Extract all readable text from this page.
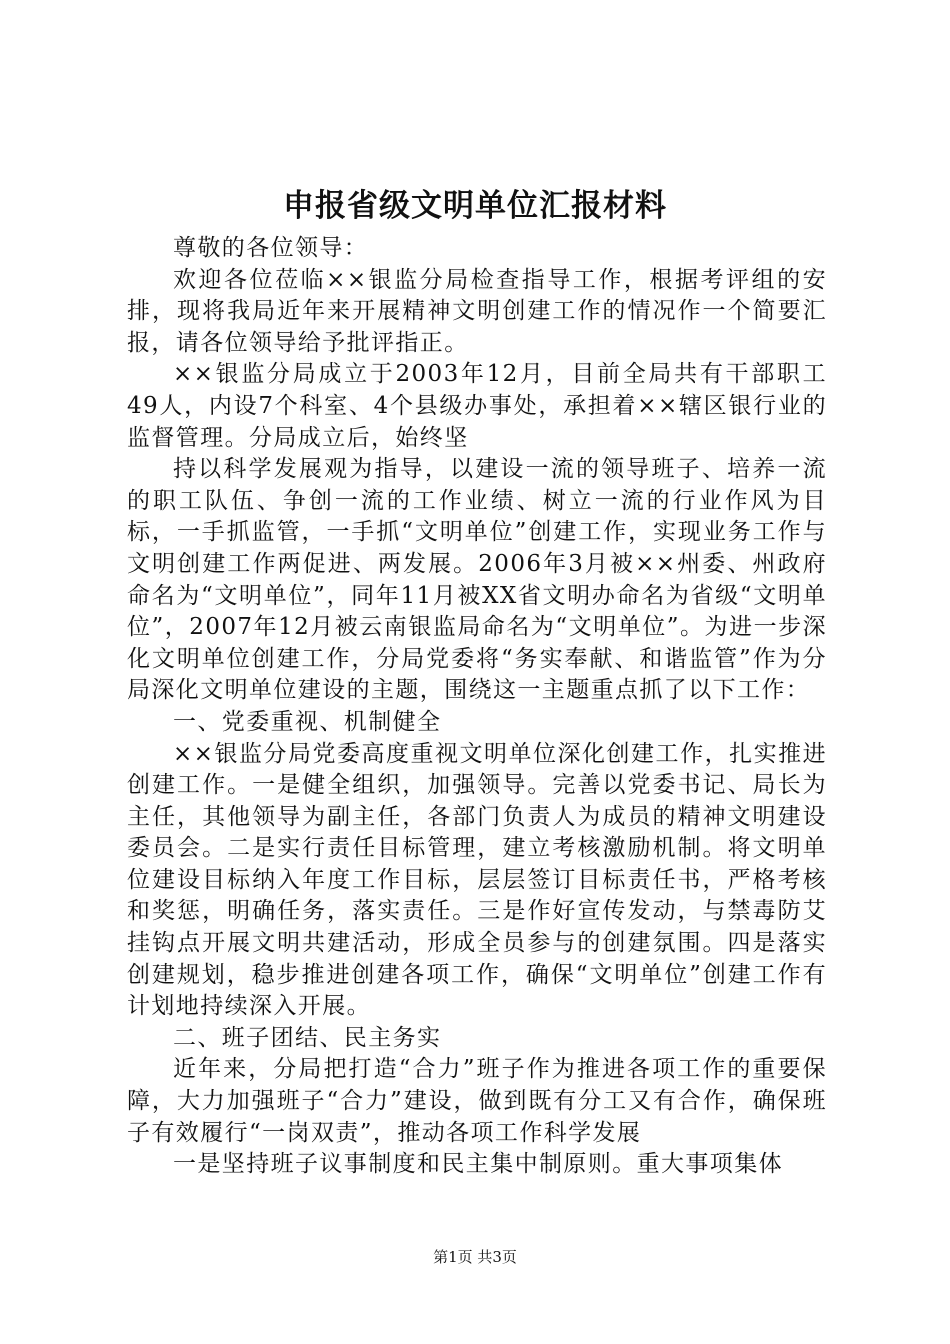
申报省级文明单位汇报材料

尊敬的各位领导：

欢迎各位莅临××银监分局检查指导工作，根据考评组的安排，现将我局近年来开展精神文明创建工作的情况作一个简要汇报，请各位领导给予批评指正。

××银监分局成立于2003年12月，目前全局共有干部职工49人，内设7个科室、4个县级办事处，承担着××辖区银行业的监督管理。分局成立后，始终坚

持以科学发展观为指导，以建设一流的领导班子、培养一流的职工队伍、争创一流的工作业绩、树立一流的行业作风为目标，一手抓监管，一手抓“文明单位”创建工作，实现业务工作与文明创建工作两促进、两发展。2006年3月被××州委、州政府命名为“文明单位”，同年11月被XX省文明办命名为省级“文明单位”，2007年12月被云南银监局命名为“文明单位”。为进一步深化文明单位创建工作，分局党委将“务实奉献、和谐监管”作为分局深化文明单位建设的主题，围绕这一主题重点抓了以下工作：

一、党委重视、机制健全

××银监分局党委高度重视文明单位深化创建工作，扎实推进创建工作。一是健全组织，加强领导。完善以党委书记、局长为主任，其他领导为副主任，各部门负责人为成员的精神文明建设委员会。二是实行责任目标管理，建立考核激励机制。将文明单位建设目标纳入年度工作目标，层层签订目标责任书，严格考核和奖惩，明确任务，落实责任。三是作好宣传发动，与禁毒防艾挂钩点开展文明共建活动，形成全员参与的创建氛围。四是落实创建规划，稳步推进创建各项工作，确保“文明单位”创建工作有计划地持续深入开展。

二、班子团结、民主务实

近年来，分局把打造“合力”班子作为推进各项工作的重要保障，大力加强班子“合力”建设，做到既有分工又有合作，确保班子有效履行“一岗双责”，推动各项工作科学发展

一是坚持班子议事制度和民主集中制原则。重大事项集体

第1页 共3页
